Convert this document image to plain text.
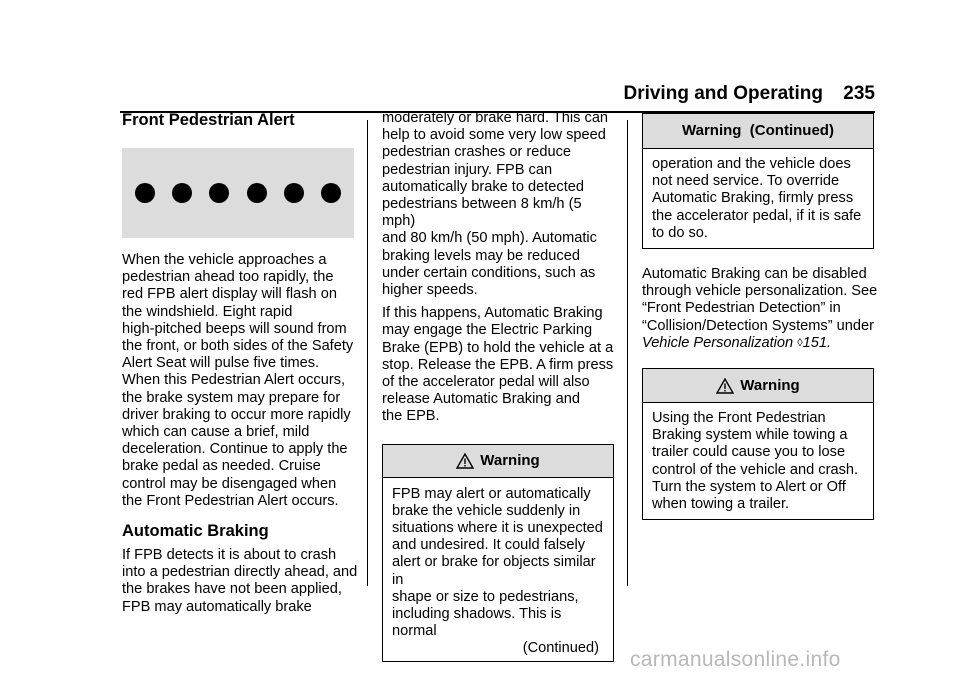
Driving and Operating 235
Front Pedestrian Alert

When the vehicle approaches a
pedestrian ahead too rapidly, the
red FPB alert display will flash on
the windshield. Eight rapid
high-pitched beeps will sound from
the front, or both sides of the Safety
Alert Seat will pulse five times.
When this Pedestrian Alert occurs,
the brake system may prepare for
driver braking to occur more rapidly
which can cause a brief, mild
deceleration. Continue to apply the
brake pedal as needed. Cruise
control may be disengaged when
the Front Pedestrian Alert occurs.

Automatic Braking

If FPB detects it is about to crash
into a pedestrian directly ahead, and
the brakes have not been applied,
FPB may automatically brake

moderately or brake hard. This can
help to avoid some very low speed
pedestrian crashes or reduce
pedestrian injury. FPB can
automatically brake to detected
pedestrians between 8 km/h (5 mph)
and 80 km/h (50 mph). Automatic
braking levels may be reduced
under certain conditions, such as
higher speeds.

If this happens, Automatic Braking
may engage the Electric Parking
Brake (EPB) to hold the vehicle at a
stop. Release the EPB. A firm press
of the accelerator pedal will also
release Automatic Braking and
the EPB.

Warning
FPB may alert or automatically
brake the vehicle suddenly in
situations where it is unexpected
and undesired. It could falsely
alert or brake for objects similar in
shape or size to pedestrians,
including shadows. This is normal
(Continued)
Warning  (Continued)
operation and the vehicle does
not need service. To override
Automatic Braking, firmly press
the accelerator pedal, if it is safe
to do so.

Automatic Braking can be disabled
through vehicle personalization. See
“Front Pedestrian Detection” in
“Collision/Detection Systems” under
Vehicle Personalization ◊151.

Warning
Using the Front Pedestrian
Braking system while towing a
trailer could cause you to lose
control of the vehicle and crash.
Turn the system to Alert or Off
when towing a trailer.
carmanualsonline.info
